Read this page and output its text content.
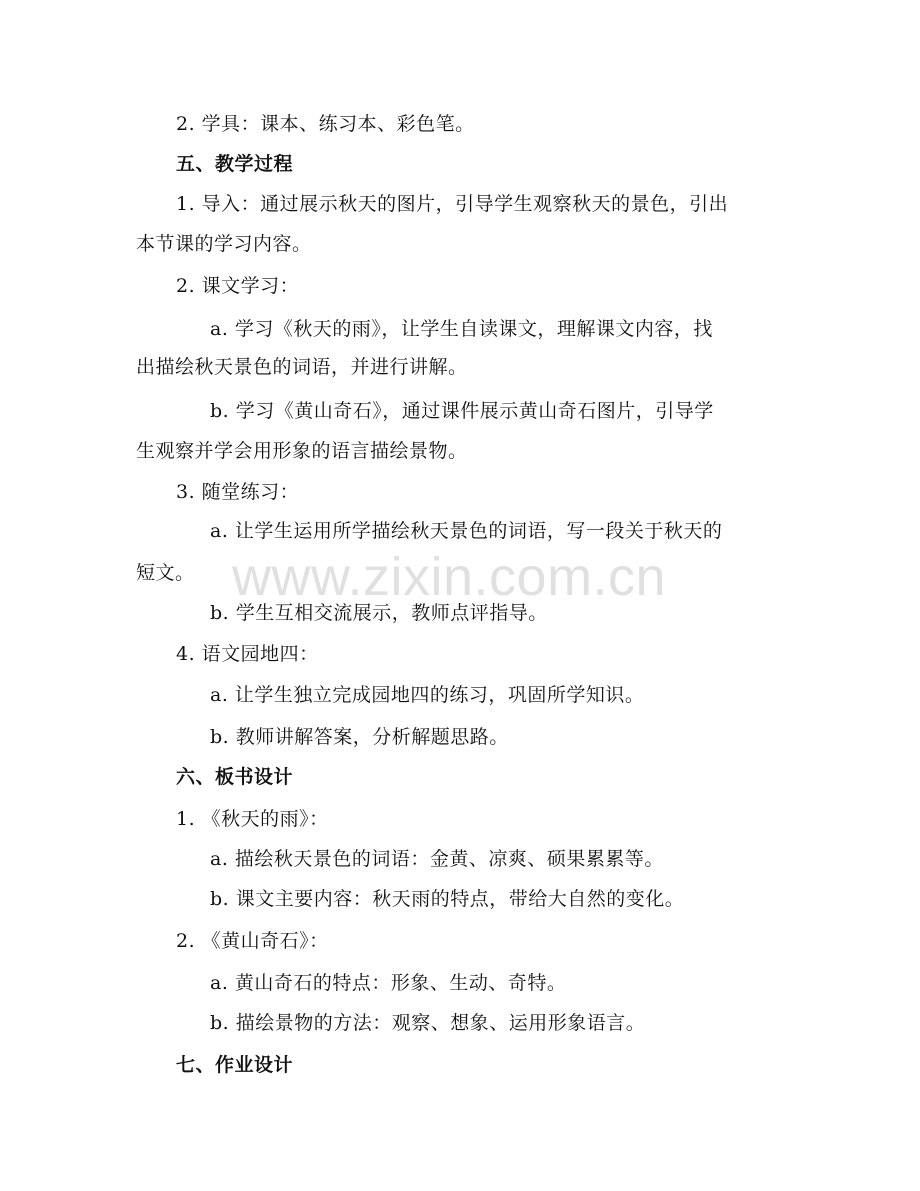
2. 学具：课本、练习本、彩色笔。
五、教学过程
1. 导入：通过展示秋天的图片，引导学生观察秋天的景色，引出
本节课的学习内容。
2. 课文学习：
a. 学习《秋天的雨》，让学生自读课文，理解课文内容，找
出描绘秋天景色的词语，并进行讲解。
b. 学习《黄山奇石》，通过课件展示黄山奇石图片，引导学
生观察并学会用形象的语言描绘景物。
3. 随堂练习：
a. 让学生运用所学描绘秋天景色的词语，写一段关于秋天的
短文。
b. 学生互相交流展示，教师点评指导。
4. 语文园地四：
a. 让学生独立完成园地四的练习，巩固所学知识。
b. 教师讲解答案，分析解题思路。
六、板书设计
1. 《秋天的雨》：
a. 描绘秋天景色的词语：金黄、凉爽、硕果累累等。
b. 课文主要内容：秋天雨的特点，带给大自然的变化。
2. 《黄山奇石》：
a. 黄山奇石的特点：形象、生动、奇特。
b. 描绘景物的方法：观察、想象、运用形象语言。
七、作业设计
www.zixin.com.cn
